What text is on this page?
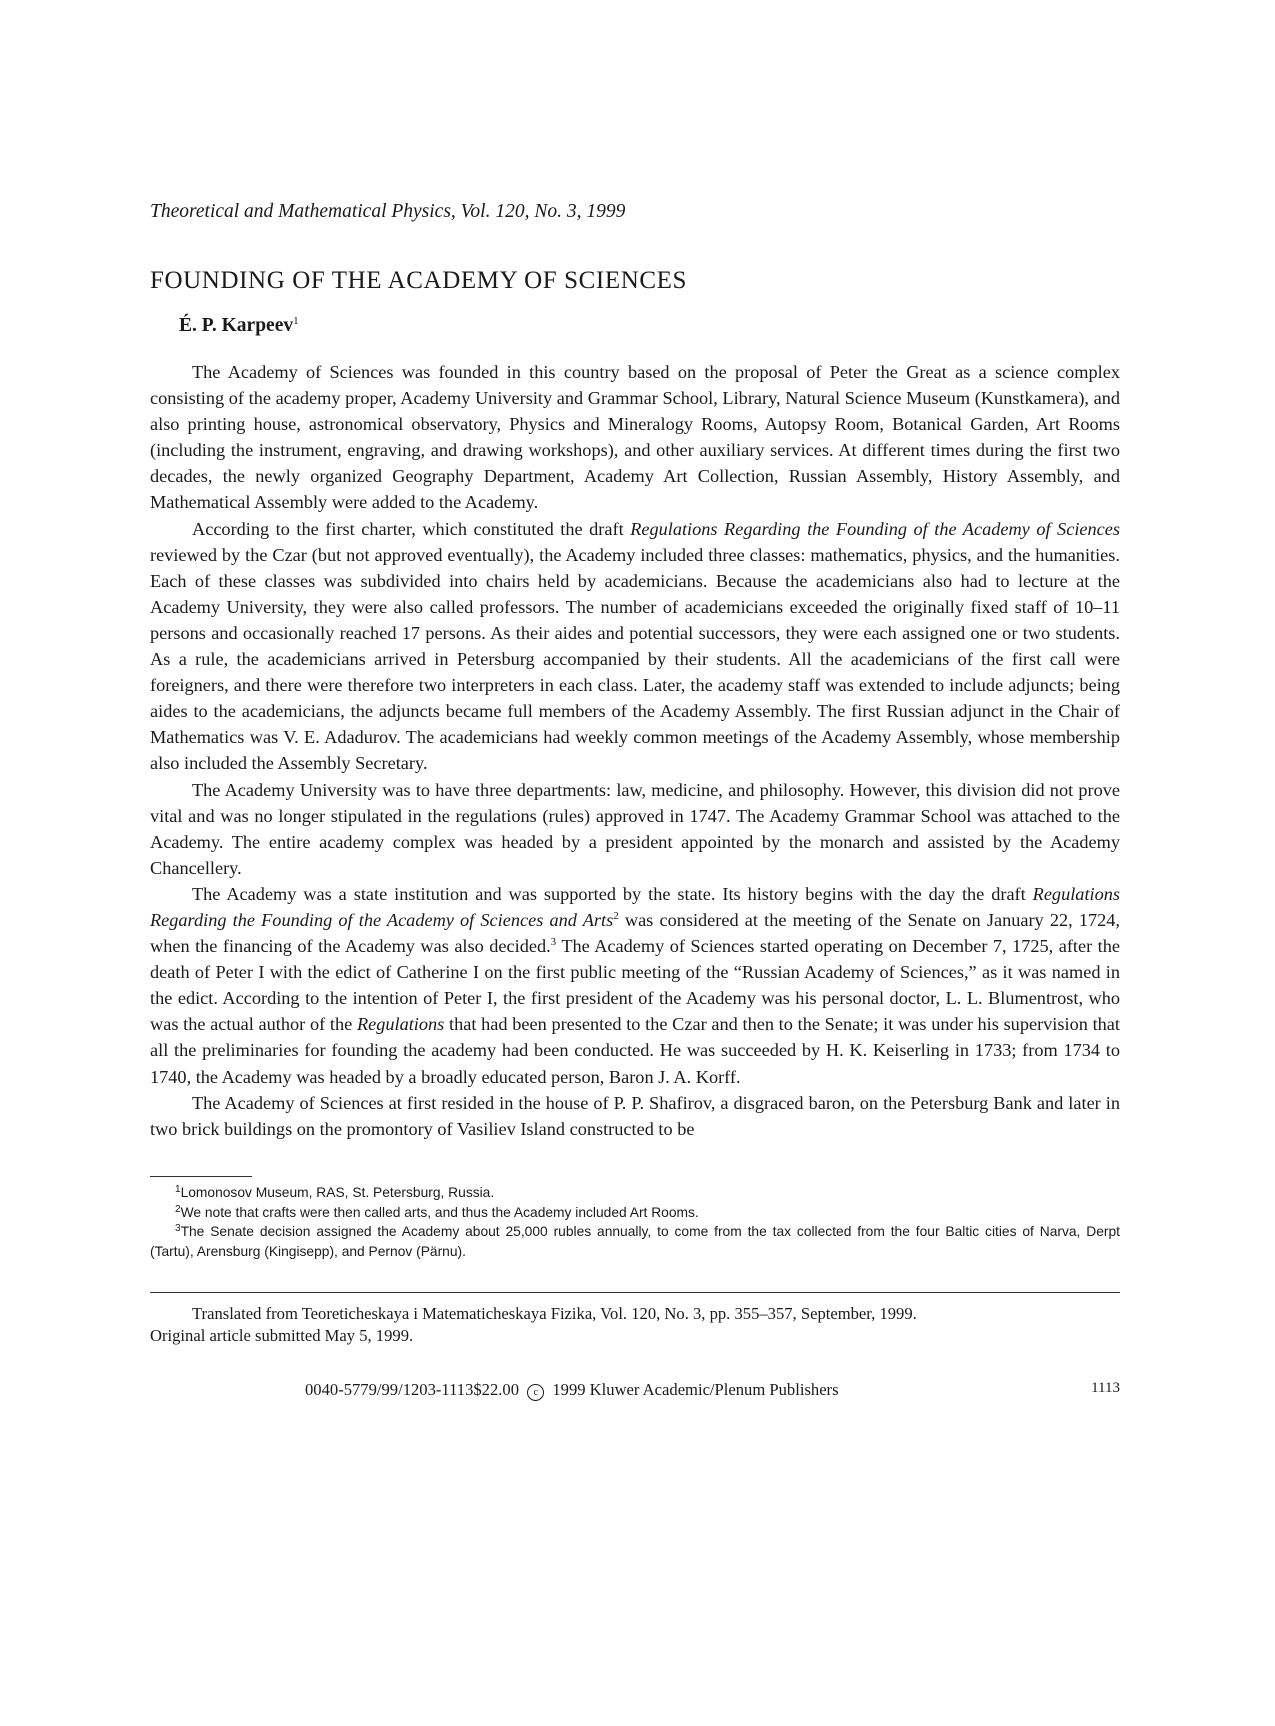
Theoretical and Mathematical Physics, Vol. 120, No. 3, 1999
FOUNDING OF THE ACADEMY OF SCIENCES
É. P. Karpeev$^1$

The Academy of Sciences was founded in this country based on the proposal of Peter the Great as a science complex consisting of the academy proper, Academy University and Grammar School, Library, Natural Science Museum (Kunstkamera), and also printing house, astronomical observatory, Physics and Mineralogy Rooms, Autopsy Room, Botanical Garden, Art Rooms (including the instrument, engraving, and drawing workshops), and other auxiliary services. At different times during the first two decades, the newly organized Geography Department, Academy Art Collection, Russian Assembly, History Assembly, and Mathematical Assembly were added to the Academy.

According to the first charter, which constituted the draft Regulations Regarding the Founding of the Academy of Sciences reviewed by the Czar (but not approved eventually), the Academy included three classes: mathematics, physics, and the humanities. Each of these classes was subdivided into chairs held by academicians. Because the academicians also had to lecture at the Academy University, they were also called professors. The number of academicians exceeded the originally fixed staff of 10–11 persons and occasionally reached 17 persons. As their aides and potential successors, they were each assigned one or two students. As a rule, the academicians arrived in Petersburg accompanied by their students. All the academicians of the first call were foreigners, and there were therefore two interpreters in each class. Later, the academy staff was extended to include adjuncts; being aides to the academicians, the adjuncts became full members of the Academy Assembly. The first Russian adjunct in the Chair of Mathematics was V. E. Adadurov. The academicians had weekly common meetings of the Academy Assembly, whose membership also included the Assembly Secretary.

The Academy University was to have three departments: law, medicine, and philosophy. However, this division did not prove vital and was no longer stipulated in the regulations (rules) approved in 1747. The Academy Grammar School was attached to the Academy. The entire academy complex was headed by a president appointed by the monarch and assisted by the Academy Chancellery.

The Academy was a state institution and was supported by the state. Its history begins with the day the draft Regulations Regarding the Founding of the Academy of Sciences and Arts$^2$ was considered at the meeting of the Senate on January 22, 1724, when the financing of the Academy was also decided.$^3$ The Academy of Sciences started operating on December 7, 1725, after the death of Peter I with the edict of Catherine I on the first public meeting of the “Russian Academy of Sciences,” as it was named in the edict. According to the intention of Peter I, the first president of the Academy was his personal doctor, L. L. Blumentrost, who was the actual author of the Regulations that had been presented to the Czar and then to the Senate; it was under his supervision that all the preliminaries for founding the academy had been conducted. He was succeeded by H. K. Keiserling in 1733; from 1734 to 1740, the Academy was headed by a broadly educated person, Baron J. A. Korff.

The Academy of Sciences at first resided in the house of P. P. Shafirov, a disgraced baron, on the Petersburg Bank and later in two brick buildings on the promontory of Vasiliev Island constructed to be

$^1$Lomonosov Museum, RAS, St. Petersburg, Russia.

$^2$We note that crafts were then called arts, and thus the Academy included Art Rooms.

$^3$The Senate decision assigned the Academy about 25,000 rubles annually, to come from the tax collected from the four Baltic cities of Narva, Derpt (Tartu), Arensburg (Kingisepp), and Pernov (Pärnu).

Translated from Teoreticheskaya i Matematicheskaya Fizika, Vol. 120, No. 3, pp. 355–357, September, 1999.

Original article submitted May 5, 1999.

0040-5779/99/1203-1113$22.00 c 1999 Kluwer Academic/Plenum Publishers	1113
